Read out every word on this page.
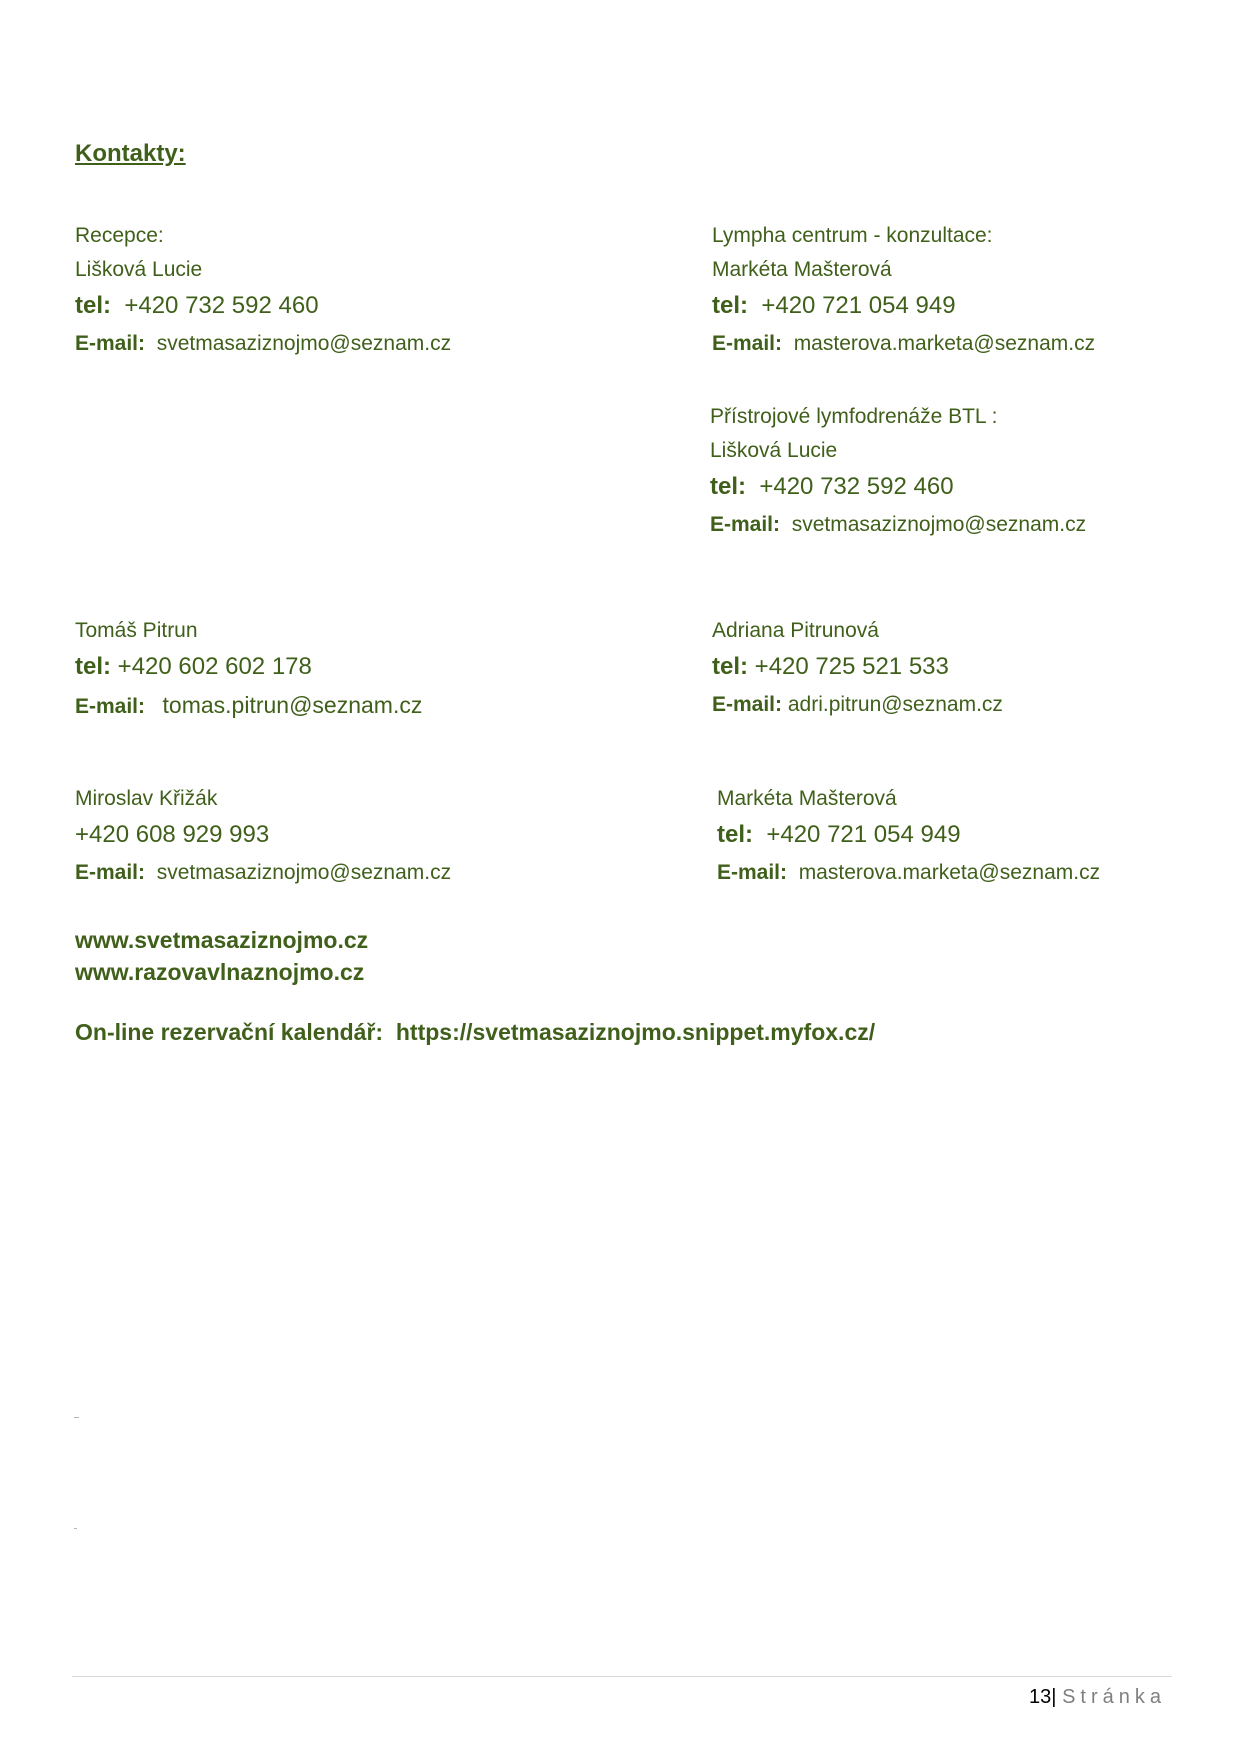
Kontakty:
Recepce:
Lišková Lucie
tel: +420 732 592 460
E-mail: svetmasaziznojmo@seznam.cz
Lympha centrum - konzultace:
Markéta Mašterová
tel: +420 721 054 949
E-mail: masterova.marketa@seznam.cz
Přístrojové lymfodrenáže BTL :
Lišková Lucie
tel: +420 732 592 460
E-mail: svetmasaziznojmo@seznam.cz
Tomáš Pitrun
tel: +420 602 602 178
E-mail: tomas.pitrun@seznam.cz
Adriana Pitrunová
tel: +420 725 521 533
E-mail: adri.pitrun@seznam.cz
Miroslav Křižák
+420 608 929 993
E-mail: svetmasaziznojmo@seznam.cz
Markéta Mašterová
tel: +420 721 054 949
E-mail: masterova.marketa@seznam.cz
www.svetmasaziznojmo.cz
www.razovavlnaznojmo.cz
On-line rezervační kalendář: https://svetmasaziznojmo.snippet.myfox.cz/
13| Stránka
